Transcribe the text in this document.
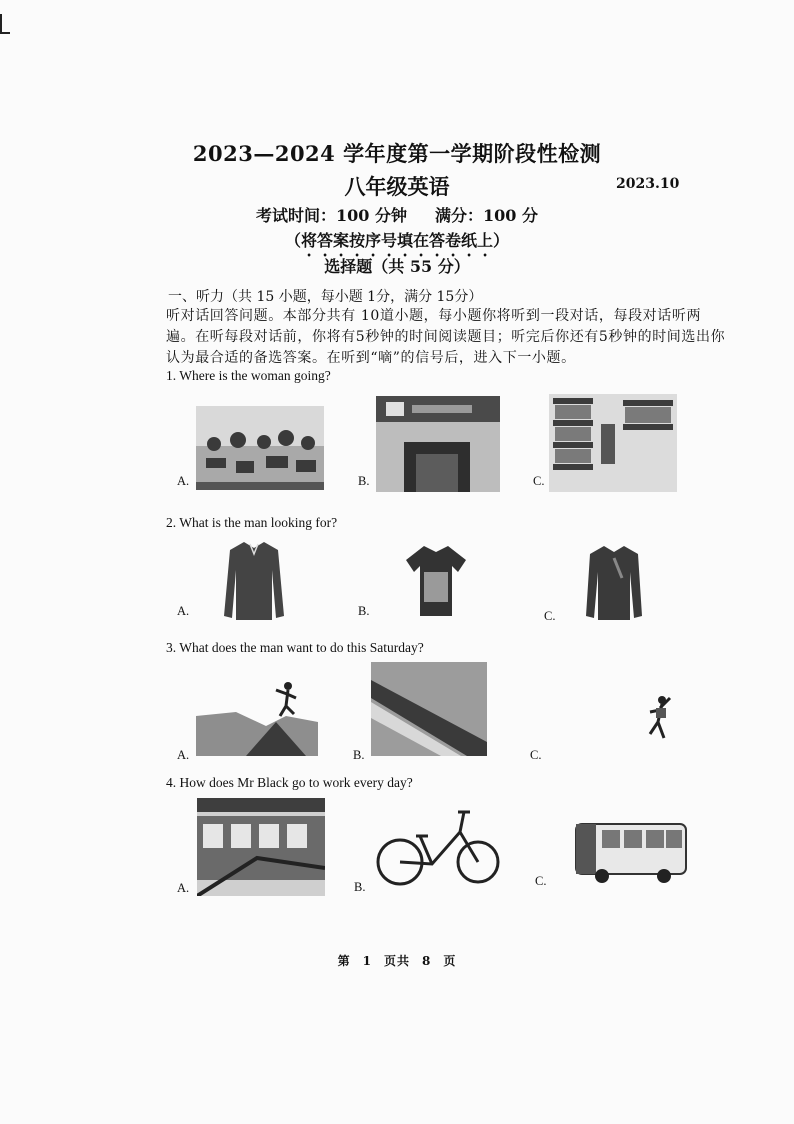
2023—2024 学年度第一学期阶段性检测
八年级英语	2023.10
考试时间：100 分钟 满分：100 分
（将答案按序号填在答卷纸上）
选择题（共 55 分）
一、听力（共 15 小题，每小题 1分，满分 15分）
听对话回答问题。本部分共有 10道小题，每小题你将听到一段对话，每段对话听两遍。在听每段对话前，你将有5秒钟的时间阅读题目；听完后你还有5秒钟的时间选出你认为最合适的备选答案。在听到“嘀”的信号后，进入下一小题。
1. Where is the woman going?
A.	B.	C.
2. What is the man looking for?
A.	B.	C.
3. What does the man want to do this Saturday?
A.	B.	C.
4. How does Mr Black go to work every day?
A.	B.	C.
第 1 页共 8 页
